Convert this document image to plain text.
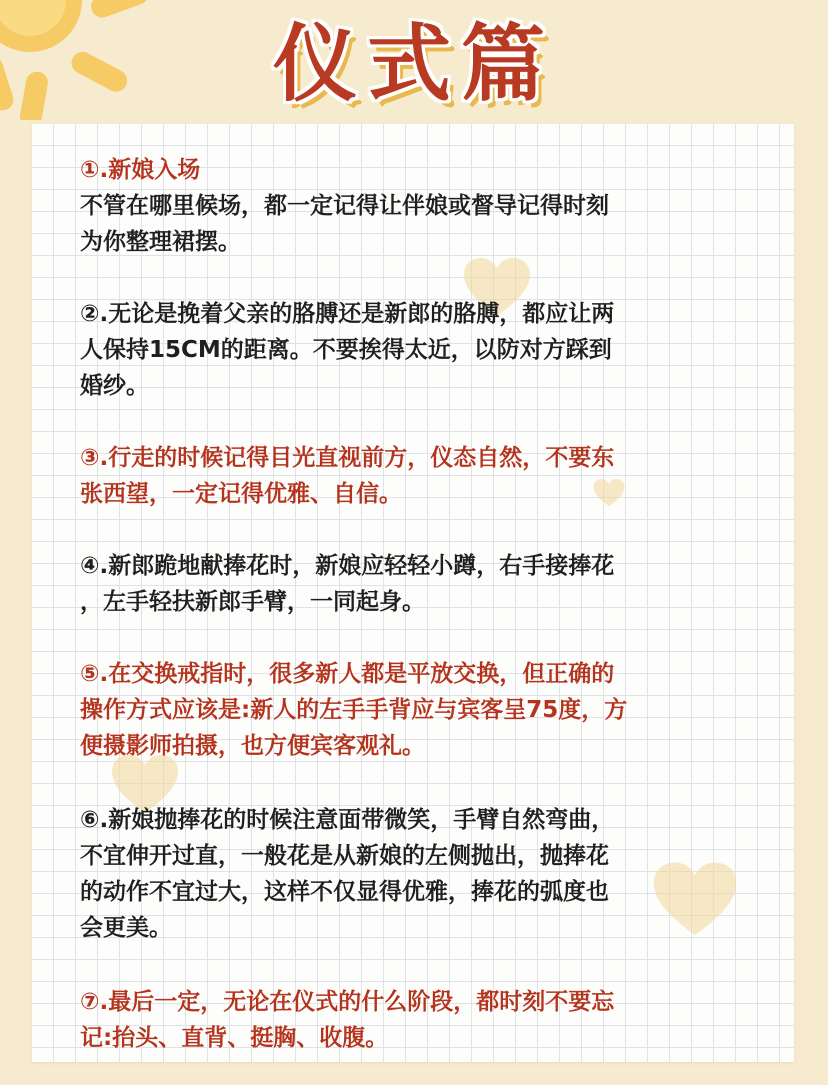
仪式篇
①.新娘入场
不管在哪里候场，都一定记得让伴娘或督导记得时刻
为你整理裙摆。
②.无论是挽着父亲的胳膊还是新郎的胳膊，都应让两
人保持15CM的距离。不要挨得太近，以防对方踩到
婚纱。
③.行走的时候记得目光直视前方，仪态自然，不要东
张西望，一定记得优雅、自信。
④.新郎跪地献捧花时，新娘应轻轻小蹲，右手接捧花
，左手轻扶新郎手臂，一同起身。
⑤.在交换戒指时，很多新人都是平放交换，但正确的
操作方式应该是:新人的左手手背应与宾客呈75度，方
便摄影师拍摄，也方便宾客观礼。
⑥.新娘抛捧花的时候注意面带微笑，手臂自然弯曲，
不宜伸开过直，一般花是从新娘的左侧抛出，抛捧花
的动作不宜过大，这样不仅显得优雅，捧花的弧度也
会更美。
⑦.最后一定，无论在仪式的什么阶段，都时刻不要忘
记:抬头、直背、挺胸、收腹。
